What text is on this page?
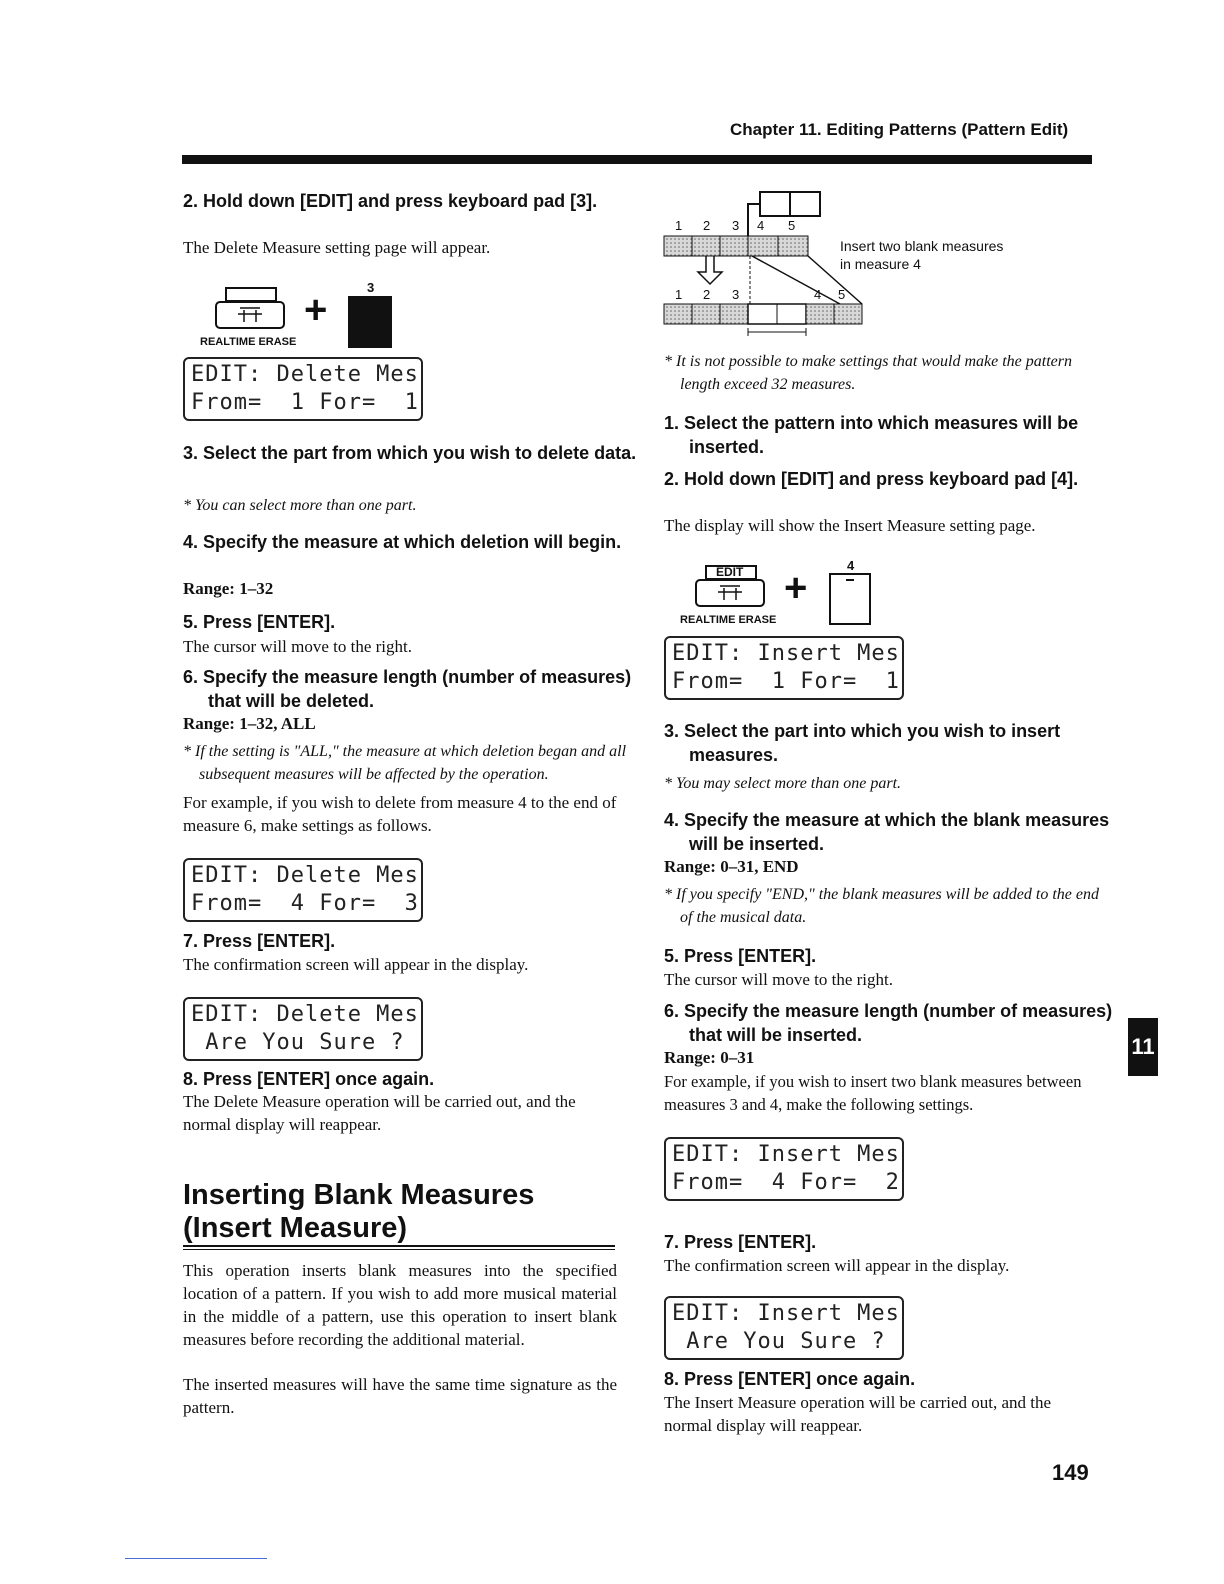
Chapter 11. Editing Patterns (Pattern Edit)
2. Hold down [EDIT] and press keyboard pad [3].
The Delete Measure setting page will appear.
REALTIME ERASE
+
3
EDIT: Delete Mes
From=  1 For=  1
3. Select the part from which you wish to delete data.
* You can select more than one part.
4. Specify the measure at which deletion will begin.
Range: 1–32
5. Press [ENTER].
The cursor will move to the right.
6. Specify the measure length (number of measures) that will be deleted.
Range: 1–32, ALL
* If the setting is "ALL," the measure at which deletion began and all subsequent measures will be affected by the operation.
For example, if you wish to delete from measure 4 to the end of measure 6, make settings as follows.
EDIT: Delete Mes
From=  4 For=  3
7. Press [ENTER].
The confirmation screen will appear in the display.
EDIT: Delete Mes
Are You Sure ?
8. Press [ENTER] once again.
The Delete Measure operation will be carried out, and the normal display will reappear.
Inserting Blank Measures
(Insert Measure)
This operation inserts blank measures into the specified location of a pattern. If you wish to add more musical material in the middle of a pattern, use this operation to insert blank measures before recording the additional material.
The inserted measures will have the same time signature as the pattern.
1 2 3 4 5
1 2 3	4 5
Insert two blank measures
in measure 4
* It is not possible to make settings that would make the pattern length exceed 32 measures.
1. Select the pattern into which measures will be inserted.
2. Hold down [EDIT] and press keyboard pad [4].
The display will show the Insert Measure setting page.
EDIT
REALTIME ERASE
+
4
EDIT: Insert Mes
From=  1 For=  1
3. Select the part into which you wish to insert measures.
* You may select more than one part.
4. Specify the measure at which the blank measures will be inserted.
Range: 0–31, END
* If you specify "END," the blank measures will be added to the end of the musical data.
5. Press [ENTER].
The cursor will move to the right.
6. Specify the measure length (number of measures) that will be inserted.
Range: 0–31
For example, if you wish to insert two blank measures between measures 3 and 4, make the following settings.
EDIT: Insert Mes
From=  4 For=  2
7. Press [ENTER].
The confirmation screen will appear in the display.
EDIT: Insert Mes
Are You Sure ?
8. Press [ENTER] once again.
The Insert Measure operation will be carried out, and the normal display will reappear.
11
149
